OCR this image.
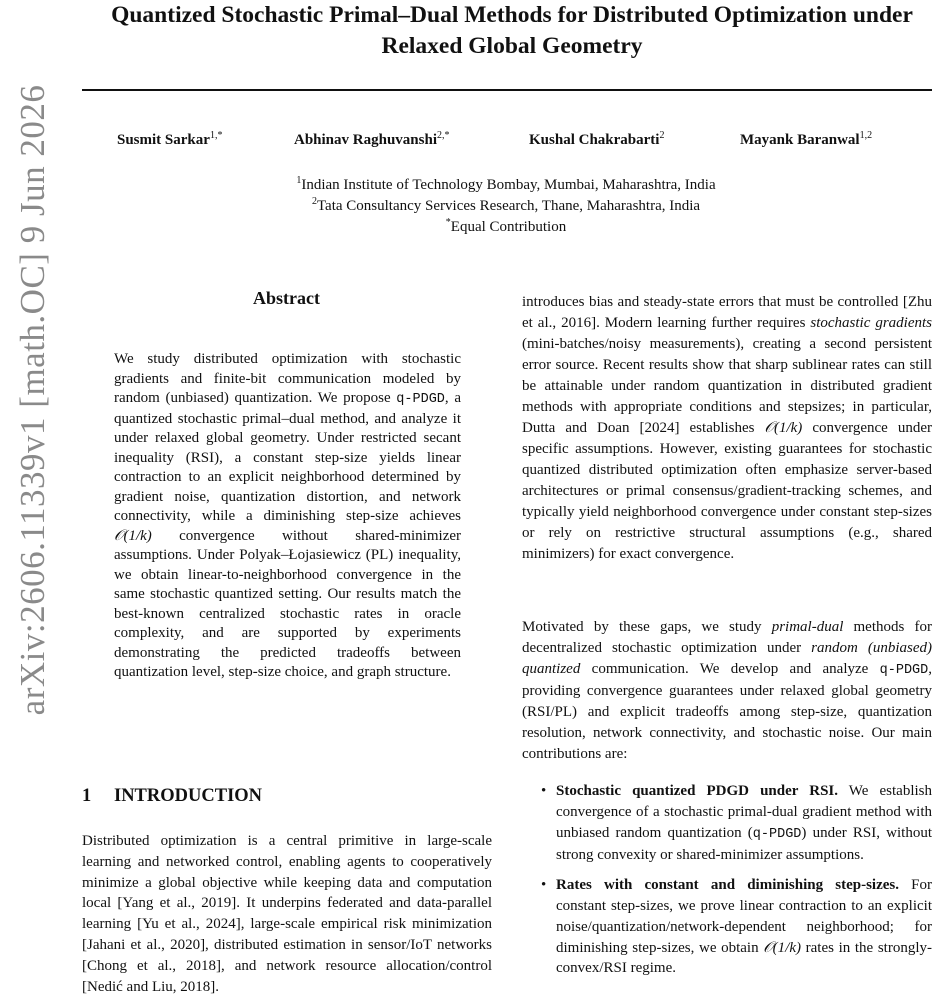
arXiv:2606.11339v1 [math.OC] 9 Jun 2026
Quantized Stochastic Primal–Dual Methods for Distributed Optimization under
Relaxed Global Geometry
Susmit Sarkar$^{1,*}$	Abhinav Raghuvanshi$^{2,*}$	Kushal Chakrabarti$^2$	Mayank Baranwal$^{1,2}$
$^1$Indian Institute of Technology Bombay, Mumbai, Maharashtra, India
$^2$Tata Consultancy Services Research, Thane, Maharashtra, India
*Equal Contribution
Abstract
We study distributed optimization with stochastic gradients and finite-bit communication modeled by random (unbiased) quantization. We propose q-PDGD, a quantized stochastic primal–dual method, and analyze it under relaxed global geometry. Under restricted secant inequality (RSI), a constant step-size yields linear contraction to an explicit neighborhood determined by gradient noise, quantization distortion, and network connectivity, while a diminishing step-size achieves 𝒪(1/k) convergence without shared-minimizer assumptions. Under Polyak–Łojasiewicz (PL) inequality, we obtain linear-to-neighborhood convergence in the same stochastic quantized setting. Our results match the best-known centralized stochastic rates in oracle complexity, and are supported by experiments demonstrating the predicted tradeoffs between quantization level, step-size choice, and graph structure.
1 INTRODUCTION
Distributed optimization is a central primitive in large-scale learning and networked control, enabling agents to cooperatively minimize a global objective while keeping data and computation local [Yang et al., 2019]. It underpins federated and data-parallel learning [Yu et al., 2024], large-scale empirical risk minimization [Jahani et al., 2020], distributed estimation in sensor/IoT networks [Chong et al., 2018], and network resource allocation/control [Nedić and Liu, 2018].
introduces bias and steady-state errors that must be controlled [Zhu et al., 2016]. Modern learning further requires stochastic gradients (mini-batches/noisy measurements), creating a second persistent error source. Recent results show that sharp sublinear rates can still be attainable under random quantization in distributed gradient methods with appropriate conditions and stepsizes; in particular, Dutta and Doan [2024] establishes 𝒪(1/k) convergence under specific assumptions. However, existing guarantees for stochastic quantized distributed optimization often emphasize server-based architectures or primal consensus/gradient-tracking schemes, and typically yield neighborhood convergence under constant step-sizes or rely on restrictive structural assumptions (e.g., shared minimizers) for exact convergence.
Motivated by these gaps, we study primal-dual methods for decentralized stochastic optimization under random (unbiased) quantized communication. We develop and analyze q-PDGD, providing convergence guarantees under relaxed global geometry (RSI/PL) and explicit tradeoffs among step-size, quantization resolution, network connectivity, and stochastic noise. Our main contributions are:
• Stochastic quantized PDGD under RSI. We establish convergence of a stochastic primal-dual gradient method with unbiased random quantization (q-PDGD) under RSI, without strong convexity or shared-minimizer assumptions.
• Rates with constant and diminishing step-sizes. For constant step-sizes, we prove linear contraction to an explicit noise/quantization/network-dependent neighborhood; for diminishing step-sizes, we obtain 𝒪(1/k) rates in the strongly-convex/RSI regime.
